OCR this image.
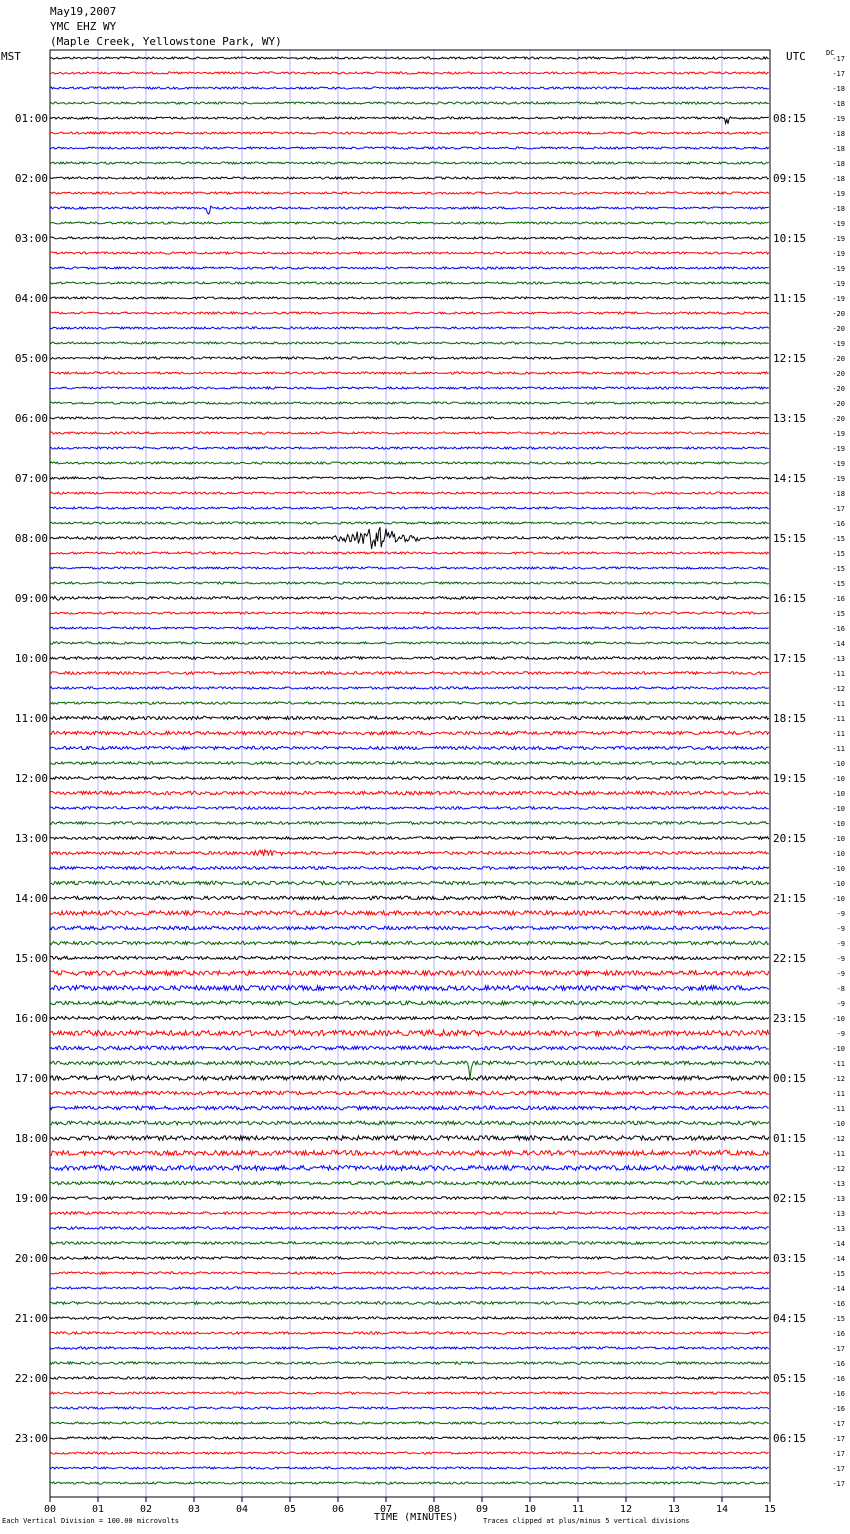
May19,2007
YMC EHZ WY
(Maple Creek, Yellowstone Park, WY)
MST	UTC	DC
00	01	02	03	04	05	06	07	08	09	10	11	12	13	14	15
-17
-17
-18
-18
-19
-18
-18
-18
-18
-19
-18
-19
-19
-19
-19
-19
-19
-20
-20
-19
-20
-20
-20
-20
-20
-19
-19
-19
-19
-18
-17
-16
-15
-15
-15
-15
-16
-15
-16
-14
-13
-11
-12
-11
-11
-11
-11
-10
-10
-10
-10
-10
-10
-10
-10
-10
-10
-9
-9
-9
-9
-9
-8
-9
-10
-9
-10
-11
-12
-11
-11
-10
-12
-11
-12
-13
-13
-13
-13
-14
-14
-15
-14
-16
-15
-16
-17
-16
-16
-16
-16
-17
-17
-17
-17
-17
01:00	08:15
02:00	09:15
03:00	10:15
04:00	11:15
05:00	12:15
06:00	13:15
07:00	14:15
08:00	15:15
09:00	16:15
10:00	17:15
11:00	18:15
12:00	19:15
13:00	20:15
14:00	21:15
15:00	22:15
16:00	23:15
17:00	00:15
18:00	01:15
19:00	02:15
20:00	03:15
21:00	04:15
22:00	05:15
23:00	06:15
Each Vertical Division = 100.00 microvolts	TIME (MINUTES)	Traces clipped at plus/minus 5 vertical divisions
